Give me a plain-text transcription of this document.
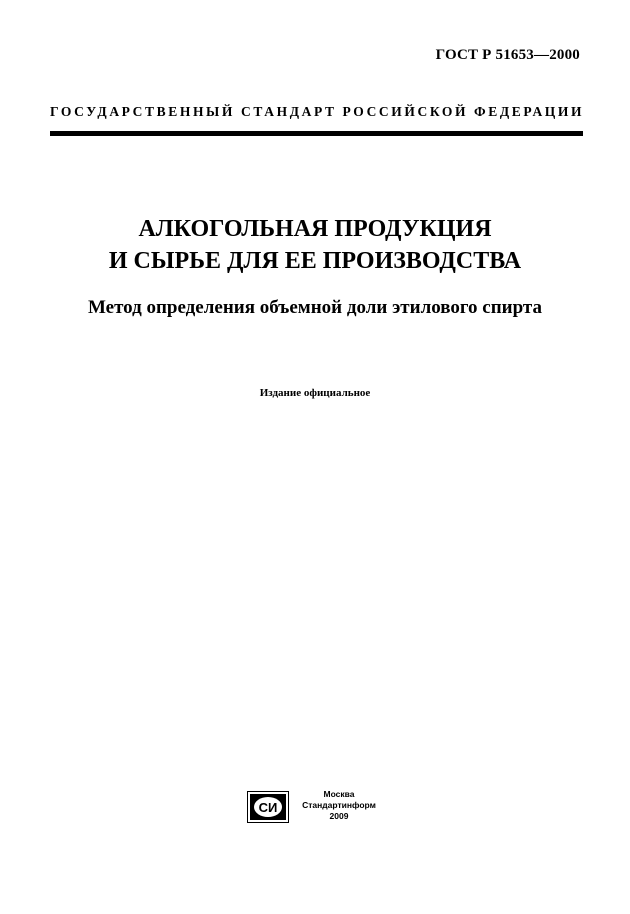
ГОСТ Р 51653—2000
ГОСУДАРСТВЕННЫЙ СТАНДАРТ РОССИЙСКОЙ ФЕДЕРАЦИИ
АЛКОГОЛЬНАЯ ПРОДУКЦИЯ
И СЫРЬЕ ДЛЯ ЕЕ ПРОИЗВОДСТВА
Метод определения объемной доли этилового спирта
Издание официальное
СИ
Москва
Стандартинформ
2009
